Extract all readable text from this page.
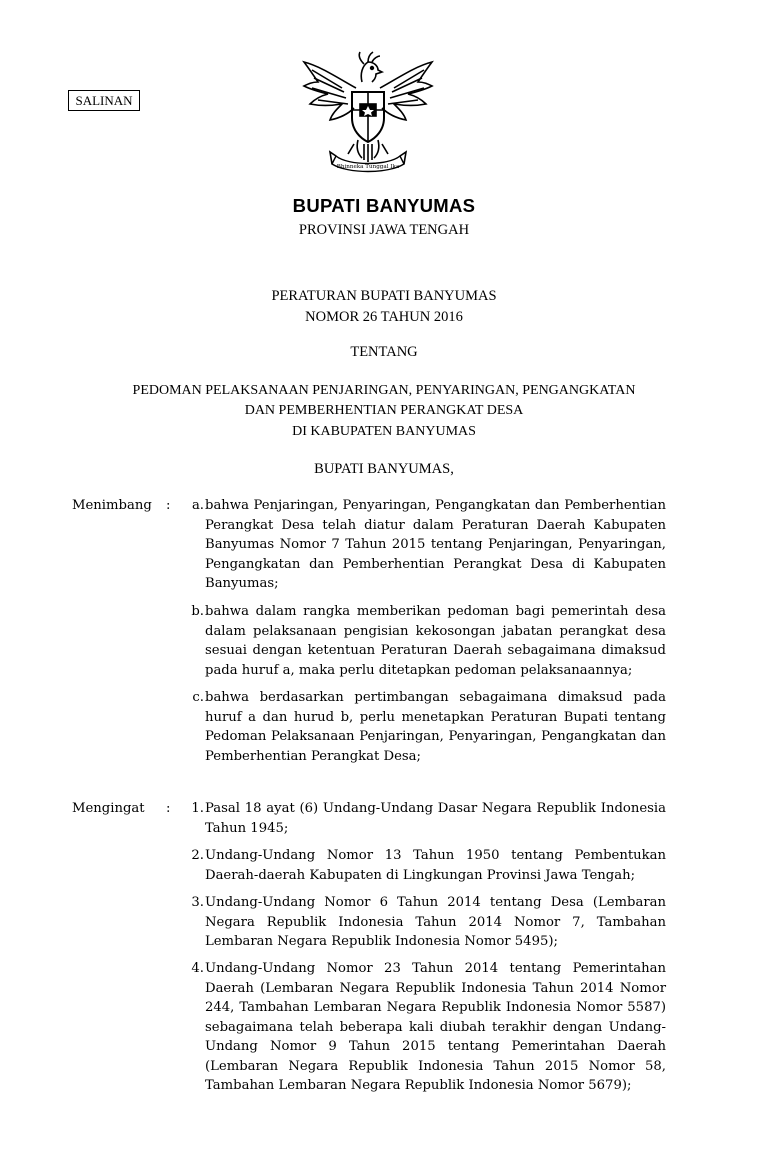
SALINAN
Bhinneka Tunggal Ika
BUPATI BANYUMAS
PROVINSI JAWA TENGAH
PERATURAN BUPATI BANYUMAS
NOMOR 26 TAHUN 2016
TENTANG
PEDOMAN PELAKSANAAN PENJARINGAN, PENYARINGAN, PENGANGKATAN
DAN PEMBERHENTIAN PERANGKAT DESA
DI KABUPATEN BANYUMAS
BUPATI BANYUMAS,
Menimbang :	a. bahwa Penjaringan, Penyaringan, Pengangkatan dan Pemberhentian Perangkat Desa telah diatur dalam Peraturan Daerah Kabupaten Banyumas Nomor 7 Tahun 2015 tentang Penjaringan, Penyaringan, Pengangkatan dan Pemberhentian Perangkat Desa di Kabupaten Banyumas;
b. bahwa dalam rangka memberikan pedoman bagi pemerintah desa dalam pelaksanaan pengisian kekosongan jabatan perangkat desa sesuai dengan ketentuan Peraturan Daerah sebagaimana dimaksud pada huruf a, maka perlu ditetapkan pedoman pelaksanaannya;
c. bahwa berdasarkan pertimbangan sebagaimana dimaksud pada huruf a dan hurud b, perlu menetapkan Peraturan Bupati tentang Pedoman Pelaksanaan Penjaringan, Penyaringan, Pengangkatan dan Pemberhentian Perangkat Desa;
Mengingat :	1. Pasal 18 ayat (6) Undang-Undang Dasar Negara Republik Indonesia Tahun 1945;
2. Undang-Undang Nomor 13 Tahun 1950 tentang Pembentukan Daerah-daerah Kabupaten di Lingkungan Provinsi Jawa Tengah;
3. Undang-Undang Nomor 6 Tahun 2014 tentang Desa (Lembaran Negara Republik Indonesia Tahun 2014 Nomor 7, Tambahan Lembaran Negara Republik Indonesia Nomor 5495);
4. Undang-Undang Nomor 23 Tahun 2014 tentang Pemerintahan Daerah (Lembaran Negara Republik Indonesia Tahun 2014 Nomor 244, Tambahan Lembaran Negara Republik Indonesia Nomor 5587) sebagaimana telah beberapa kali diubah terakhir dengan Undang-Undang Nomor 9 Tahun 2015 tentang Pemerintahan Daerah (Lembaran Negara Republik Indonesia Tahun 2015 Nomor 58, Tambahan Lembaran Negara Republik Indonesia Nomor 5679);
